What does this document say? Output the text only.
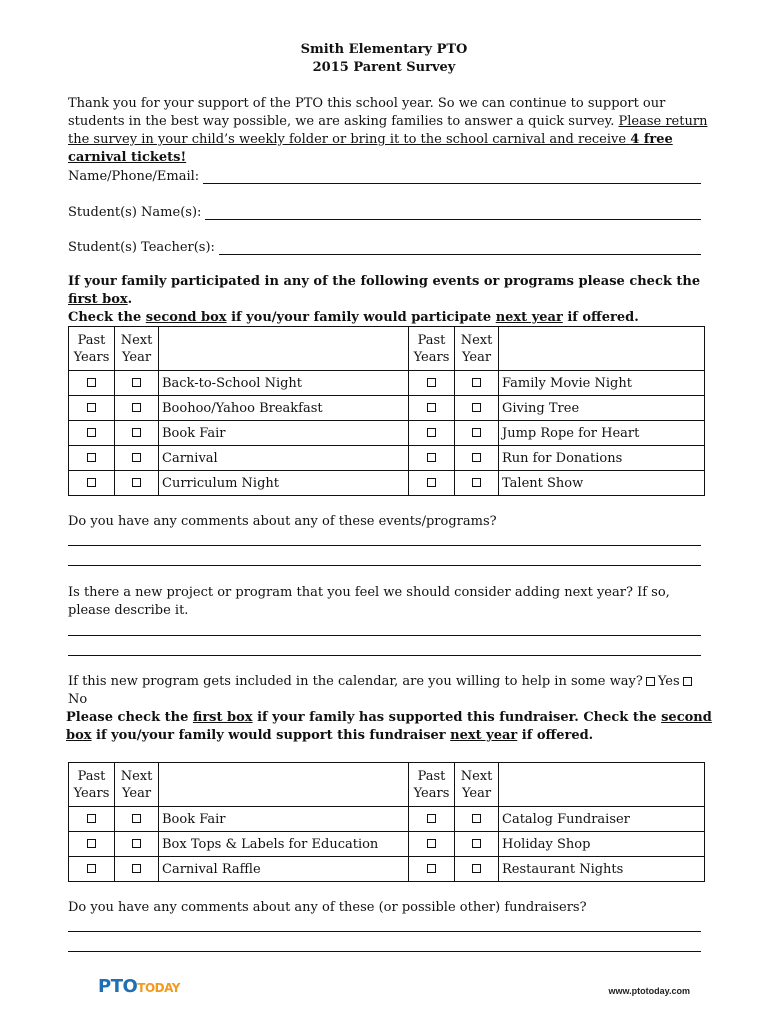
Smith Elementary PTO
2015 Parent Survey
Thank you for your support of the PTO this school year. So we can continue to support our students in the best way possible, we are asking families to answer a quick survey. Please return the survey in your child’s weekly folder or bring it to the school carnival and receive 4 free carnival tickets!
Name/Phone/Email:
Student(s) Name(s):
Student(s) Teacher(s):
If your family participated in any of the following events or programs please check the first box.
Check the second box if you/your family would participate next year if offered.
Past Years	Next Year		Past Years	Next Year	
		Back-to-School Night			Family Movie Night
		Boohoo/Yahoo Breakfast			Giving Tree
		Book Fair			Jump Rope for Heart
		Carnival			Run for Donations
		Curriculum Night			Talent Show
Do you have any comments about any of these events/programs?
Is there a new project or program that you feel we should consider adding next year? If so, please describe it.
If this new program gets included in the calendar, are you willing to help in some way? YesNo
Please check the first box if your family has supported this fundraiser. Check the second box if you/your family would support this fundraiser next year if offered.
Past Years	Next Year		Past Years	Next Year	
		Book Fair			Catalog Fundraiser
		Box Tops & Labels for Education			Holiday Shop
		Carnival Raffle			Restaurant Nights
Do you have any comments about any of these (or possible other) fundraisers?
PTOTODAY	www.ptotoday.com
